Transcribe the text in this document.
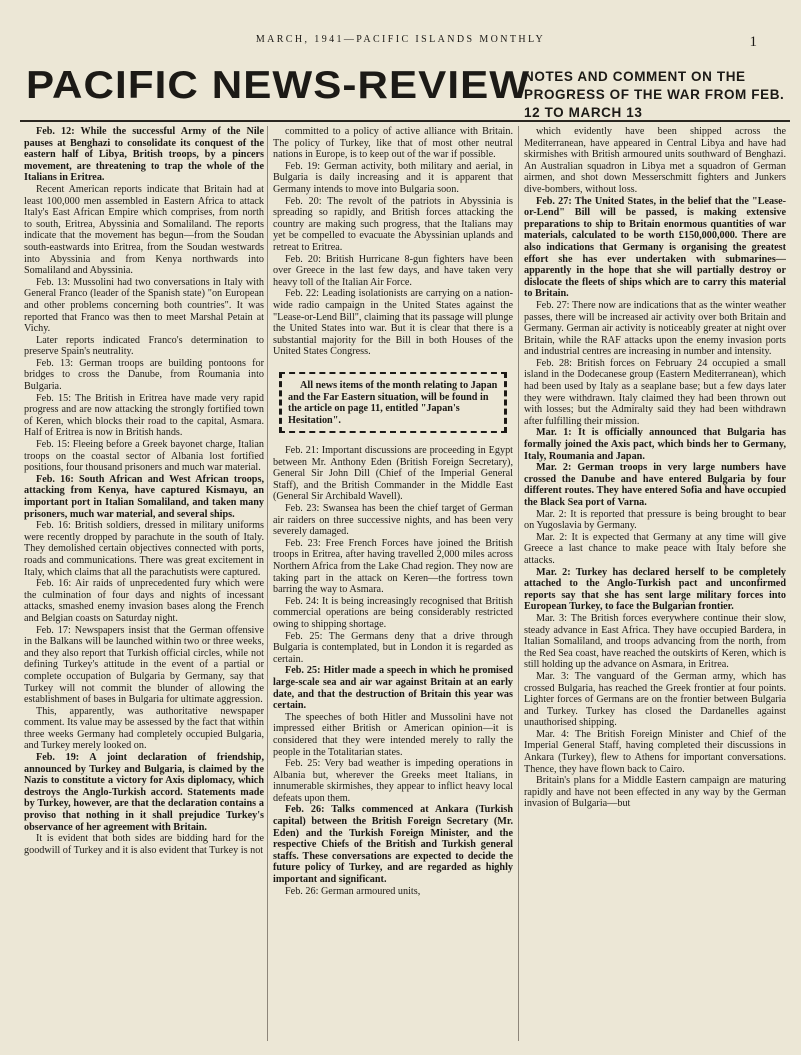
MARCH, 1941—PACIFIC ISLANDS MONTHLY	1
PACIFIC NEWS-REVIEW
NOTES AND COMMENT ON THE PROGRESS OF THE WAR FROM FEB. 12 TO MARCH 13

Feb. 12: While the successful Army of the Nile pauses at Benghazi to consolidate its conquest of the eastern half of Libya, British troops, by a pincers movement, are threatening to trap the whole of the Italians in Eritrea.

Recent American reports indicate that Britain had at least 100,000 men assembled in Eastern Africa to attack Italy's East African Empire which comprises, from north to south, Eritrea, Abyssinia and Somaliland. The reports indicate that the movement has begun—from the Soudan south-eastwards into Eritrea, from the Soudan westwards into Abyssinia and from Kenya northwards into Somaliland and Abyssinia.

Feb. 13: Mussolini had two conversations in Italy with General Franco (leader of the Spanish state) "on European and other problems concerning both countries". It was reported that Franco was then to meet Marshal Petain at Vichy.

Later reports indicated Franco's determination to preserve Spain's neutrality.

Feb. 13: German troops are building pontoons for bridges to cross the Danube, from Roumania into Bulgaria.

Feb. 15: The British in Eritrea have made very rapid progress and are now attacking the strongly fortified town of Keren, which blocks their road to the capital, Asmara. Half of Eritrea is now in British hands.

Feb. 15: Fleeing before a Greek bayonet charge, Italian troops on the coastal sector of Albania lost fortified positions, four thousand prisoners and much war material.

Feb. 16: South African and West African troops, attacking from Kenya, have captured Kismayu, an important port in Italian Somaliland, and taken many prisoners, much war material, and several ships.

Feb. 16: British soldiers, dressed in military uniforms were recently dropped by parachute in the south of Italy. They demolished certain objectives connected with ports, roads and communications. There was great excitement in Italy, which claims that all the parachutists were captured.

Feb. 16: Air raids of unprecedented fury which were the culmination of four days and nights of incessant attacks, smashed enemy invasion bases along the French and Belgian coasts on Saturday night.

Feb. 17: Newspapers insist that the German offensive in the Balkans will be launched within two or three weeks, and they also report that Turkish official circles, while not defining Turkey's attitude in the event of a partial or complete occupation of Bulgaria by Germany, say that Turkey will not commit the blunder of allowing the establishment of bases in Bulgaria for ultimate aggression.

This, apparently, was authoritative newspaper comment. Its value may be assessed by the fact that within three weeks Germany had completely occupied Bulgaria, and Turkey merely looked on.

Feb. 19: A joint declaration of friendship, announced by Turkey and Bulgaria, is claimed by the Nazis to constitute a victory for Axis diplomacy, which destroys the Anglo-Turkish accord. Statements made by Turkey, however, are that the declaration contains a proviso that nothing in it shall prejudice Turkey's observance of her agreement with Britain.

It is evident that both sides are bidding hard for the goodwill of Turkey and it is also evident that Turkey is not

committed to a policy of active alliance with Britain. The policy of Turkey, like that of most other neutral nations in Europe, is to keep out of the war if possible.

Feb. 19: German activity, both military and aerial, in Bulgaria is daily increasing and it is apparent that Germany intends to move into Bulgaria soon.

Feb. 20: The revolt of the patriots in Abyssinia is spreading so rapidly, and British forces attacking the country are making such progress, that the Italians may yet be compelled to evacuate the Abyssinian uplands and retreat to Eritrea.

Feb. 20: British Hurricane 8-gun fighters have been over Greece in the last few days, and have taken very heavy toll of the Italian Air Force.

Feb. 22: Leading isolationists are carrying on a nation-wide radio campaign in the United States against the "Lease-or-Lend Bill", claiming that its passage will plunge the United States into war. But it is clear that there is a substantial majority for the Bill in both Houses of the United States Congress.

All news items of the month relating to Japan and the Far Eastern situation, will be found in the article on page 11, entitled "Japan's Hesitation".

Feb. 21: Important discussions are proceeding in Egypt between Mr. Anthony Eden (British Foreign Secretary), General Sir John Dill (Chief of the Imperial General Staff), and the British Commander in the Middle East (General Sir Archibald Wavell).

Feb. 23: Swansea has been the chief target of German air raiders on three successive nights, and has been very severely damaged.

Feb. 23: Free French Forces have joined the British troops in Eritrea, after having travelled 2,000 miles across Northern Africa from the Lake Chad region. They now are taking part in the attack on Keren—the fortress town barring the way to Asmara.

Feb. 24: It is being increasingly recognised that British commercial operations are being considerably restricted owing to shipping shortage.

Feb. 25: The Germans deny that a drive through Bulgaria is contemplated, but in London it is regarded as certain.

Feb. 25: Hitler made a speech in which he promised large-scale sea and air war against Britain at an early date, and that the destruction of Britain this year was certain.

The speeches of both Hitler and Mussolini have not impressed either British or American opinion—it is considered that they were intended merely to rally the people in the Totalitarian states.

Feb. 25: Very bad weather is impeding operations in Albania but, wherever the Greeks meet Italians, in innumerable skirmishes, they appear to inflict heavy local defeats upon them.

Feb. 26: Talks commenced at Ankara (Turkish capital) between the British Foreign Secretary (Mr. Eden) and the Turkish Foreign Minister, and the respective Chiefs of the British and Turkish general staffs. These conversations are expected to decide the future policy of Turkey, and are regarded as highly important and significant.

Feb. 26: German armoured units,

which evidently have been shipped across the Mediterranean, have appeared in Central Libya and have had skirmishes with British armoured units southward of Benghazi. An Australian squadron in Libya met a squadron of German airmen, and shot down Messerschmitt fighters and Junkers dive-bombers, without loss.

Feb. 27: The United States, in the belief that the "Lease-or-Lend" Bill will be passed, is making extensive preparations to ship to Britain enormous quantities of war materials, calculated to be worth £150,000,000. There are also indications that Germany is organising the greatest effort she has ever undertaken with submarines—apparently in the hope that she will partially destroy or dislocate the fleets of ships which are to carry this material to Britain.

Feb. 27: There now are indications that as the winter weather passes, there will be increased air activity over both Britain and Germany. German air activity is noticeably greater at night over Britain, while the RAF attacks upon the enemy invasion ports and industrial centres are increasing in number and intensity.

Feb. 28: British forces on February 24 occupied a small island in the Dodecanese group (Eastern Mediterranean), which had been used by Italy as a seaplane base; but a few days later they were withdrawn. Italy claimed they had been thrown out with losses; but the Admiralty said they had been withdrawn after fulfilling their mission.

Mar. 1: It is officially announced that Bulgaria has formally joined the Axis pact, which binds her to Germany, Italy, Roumania and Japan.

Mar. 2: German troops in very large numbers have crossed the Danube and have entered Bulgaria by four different routes. They have entered Sofia and have occupied the Black Sea port of Varna.

Mar. 2: It is reported that pressure is being brought to bear on Yugoslavia by Germany.

Mar. 2: It is expected that Germany at any time will give Greece a last chance to make peace with Italy before she attacks.

Mar. 2: Turkey has declared herself to be completely attached to the Anglo-Turkish pact and unconfirmed reports say that she has sent large military forces into European Turkey, to face the Bulgarian frontier.

Mar. 3: The British forces everywhere continue their slow, steady advance in East Africa. They have occupied Bardera, in Italian Somaliland, and troops advancing from the north, from the Red Sea coast, have reached the outskirts of Keren, which is still holding up the advance on Asmara, in Eritrea.

Mar. 3: The vanguard of the German army, which has crossed Bulgaria, has reached the Greek frontier at four points. Lighter forces of Germans are on the frontier between Bulgaria and Turkey. Turkey has closed the Dardanelles against unauthorised shipping.

Mar. 4: The British Foreign Minister and Chief of the Imperial General Staff, having completed their discussions in Ankara (Turkey), flew to Athens for important conversations. Thence, they have flown back to Cairo.

Britain's plans for a Middle Eastern campaign are maturing rapidly and have not been effected in any way by the German invasion of Bulgaria—but
